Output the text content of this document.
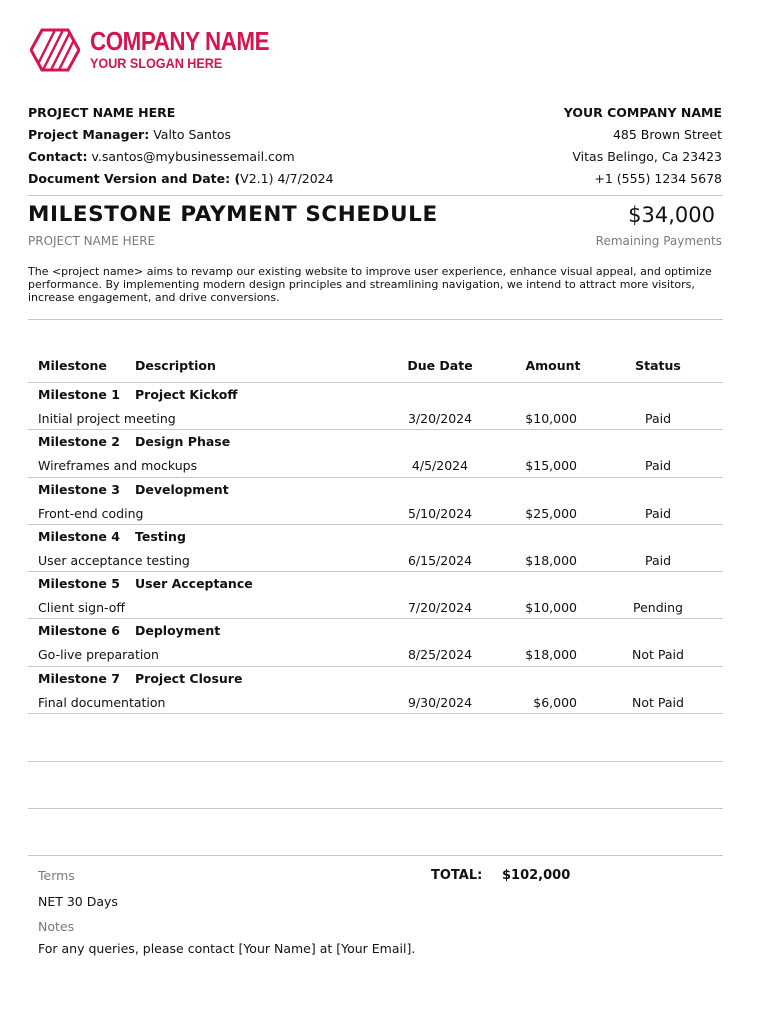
COMPANY NAME
YOUR SLOGAN HERE
PROJECT NAME HERE
Project Manager: Valto Santos
Contact: v.santos@mybusinessemail.com
Document Version and Date: (V2.1) 4/7/2024
YOUR COMPANY NAME
485 Brown Street
Vitas Belingo, Ca 23423
+1 (555) 1234 5678
MILESTONE PAYMENT SCHEDULE
PROJECT NAME HERE
$34,000
Remaining Payments
The <project name> aims to revamp our existing website to improve user experience, enhance visual appeal, and optimize performance. By implementing modern design principles and streamlining navigation, we intend to attract more visitors, increase engagement, and drive conversions.
Milestone Description	Due Date	Amount	Status
Milestone 1 Project Kickoff
Initial project meeting	3/20/2024	$10,000	Paid
Milestone 2 Design Phase
Wireframes and mockups	4/5/2024	$15,000	Paid
Milestone 3 Development
Front-end coding	5/10/2024	$25,000	Paid
Milestone 4 Testing
User acceptance testing	6/15/2024	$18,000	Paid
Milestone 5 User Acceptance
Client sign-off	7/20/2024	$10,000	Pending
Milestone 6 Deployment
Go-live preparation	8/25/2024	$18,000	Not Paid
Milestone 7 Project Closure
Final documentation	9/30/2024	$6,000	Not Paid
Terms
NET 30 Days
Notes
For any queries, please contact [Your Name] at [Your Email].
TOTAL: $102,000
